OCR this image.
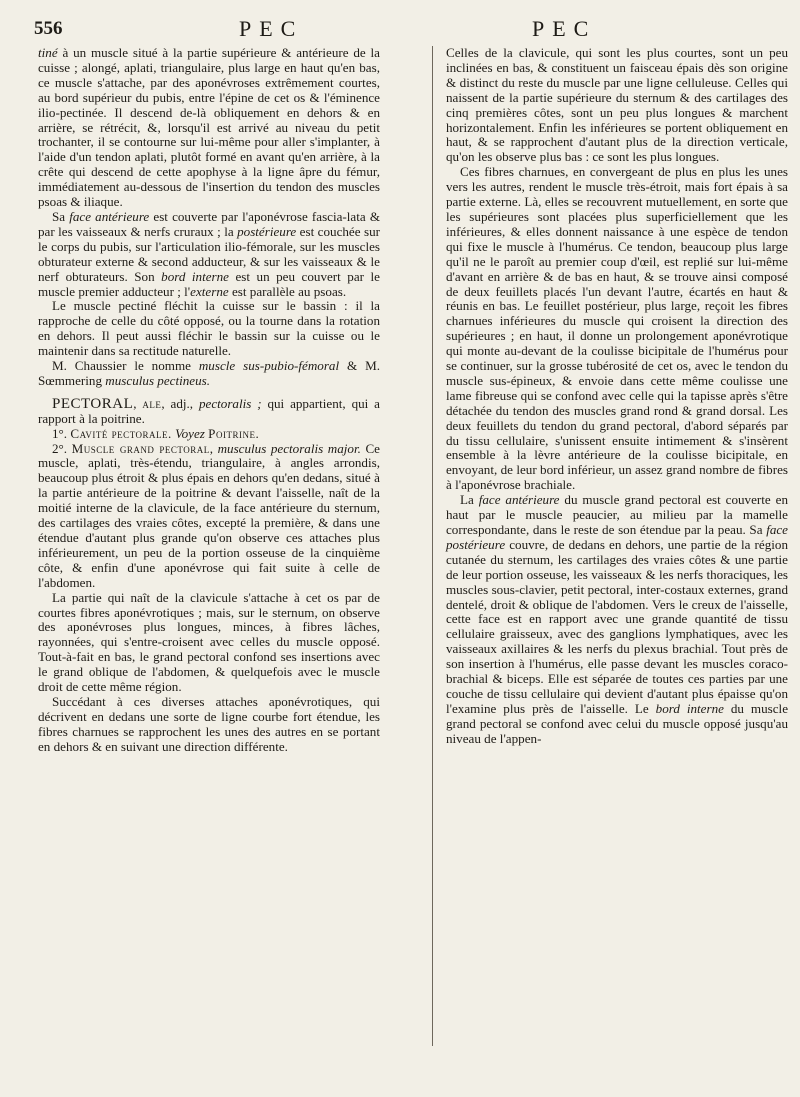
556	PEC	PEC

tiné à un muscle situé à la partie supérieure & antérieure de la cuisse ; alongé, aplati, triangulaire, plus large en haut qu'en bas, ce muscle s'attache, par des aponévroses extrêmement courtes, au bord supérieur du pubis, entre l'épine de cet os & l'éminence ilio-pectinée. Il descend de-là obliquement en dehors & en arrière, se rétrécit, &, lorsqu'il est arrivé au niveau du petit trochanter, il se contourne sur lui-même pour aller s'implanter, à l'aide d'un tendon aplati, plutôt formé en avant qu'en arrière, à la crête qui descend de cette apophyse à la ligne âpre du fémur, immédiatement au-dessous de l'insertion du tendon des muscles psoas & iliaque.

Sa face antérieure est couverte par l'aponévrose fascia-lata & par les vaisseaux & nerfs cruraux ; la postérieure est couchée sur le corps du pubis, sur l'articulation ilio-fémorale, sur les muscles obturateur externe & second adducteur, & sur les vaisseaux & le nerf obturateurs. Son bord interne est un peu couvert par le muscle premier adducteur ; l'externe est parallèle au psoas.

Le muscle pectiné fléchit la cuisse sur le bassin : il la rapproche de celle du côté opposé, ou la tourne dans la rotation en dehors. Il peut aussi fléchir le bassin sur la cuisse ou le maintenir dans sa rectitude naturelle.

M. Chaussier le nomme muscle sus-pubio-fémoral & M. Sœmmering musculus pectineus.

PECTORAL, ale, adj., pectoralis ; qui appartient, qui a rapport à la poitrine.

1°. Cavité pectorale. Voyez Poitrine.

2°. Muscle grand pectoral, musculus pectoralis major. Ce muscle, aplati, très-étendu, triangulaire, à angles arrondis, beaucoup plus étroit & plus épais en dehors qu'en dedans, situé à la partie antérieure de la poitrine & devant l'aisselle, naît de la moitié interne de la clavicule, de la face antérieure du sternum, des cartilages des vraies côtes, excepté la première, & dans une étendue d'autant plus grande qu'on observe ces attaches plus inférieurement, un peu de la portion osseuse de la cinquième côte, & enfin d'une aponévrose qui fait suite à celle de l'abdomen.

La partie qui naît de la clavicule s'attache à cet os par de courtes fibres aponévrotiques ; mais, sur le sternum, on observe des aponévroses plus longues, minces, à fibres lâches, rayonnées, qui s'entre-croisent avec celles du muscle opposé. Tout-à-fait en bas, le grand pectoral confond ses insertions avec le grand oblique de l'abdomen, & quelquefois avec le muscle droit de cette même région.

Succédant à ces diverses attaches aponévrotiques, qui décrivent en dedans une sorte de ligne courbe fort étendue, les fibres charnues se rapprochent les unes des autres en se portant en dehors & en suivant une direction différente.

Celles de la clavicule, qui sont les plus courtes, sont un peu inclinées en bas, & constituent un faisceau épais dès son origine & distinct du reste du muscle par une ligne celluleuse. Celles qui naissent de la partie supérieure du sternum & des cartilages des cinq premières côtes, sont un peu plus longues & marchent horizontalement. Enfin les inférieures se portent obliquement en haut, & se rapprochent d'autant plus de la direction verticale, qu'on les observe plus bas : ce sont les plus longues.

Ces fibres charnues, en convergeant de plus en plus les unes vers les autres, rendent le muscle très-étroit, mais fort épais à sa partie externe. Là, elles se recouvrent mutuellement, en sorte que les supérieures sont placées plus superficiellement que les inférieures, & elles donnent naissance à une espèce de tendon qui fixe le muscle à l'humérus. Ce tendon, beaucoup plus large qu'il ne le paroît au premier coup d'œil, est replié sur lui-même d'avant en arrière & de bas en haut, & se trouve ainsi composé de deux feuillets placés l'un devant l'autre, écartés en haut & réunis en bas. Le feuillet postérieur, plus large, reçoit les fibres charnues inférieures du muscle qui croisent la direction des supérieures ; en haut, il donne un prolongement aponévrotique qui monte au-devant de la coulisse bicipitale de l'humérus pour se continuer, sur la grosse tubérosité de cet os, avec le tendon du muscle sus-épineux, & envoie dans cette même coulisse une lame fibreuse qui se confond avec celle qui la tapisse après s'être détachée du tendon des muscles grand rond & grand dorsal. Les deux feuillets du tendon du grand pectoral, d'abord séparés par du tissu cellulaire, s'unissent ensuite intimement & s'insèrent ensemble à la lèvre antérieure de la coulisse bicipitale, en envoyant, de leur bord inférieur, un assez grand nombre de fibres à l'aponévrose brachiale.

La face antérieure du muscle grand pectoral est couverte en haut par le muscle peaucier, au milieu par la mamelle correspondante, dans le reste de son étendue par la peau. Sa face postérieure couvre, de dedans en dehors, une partie de la région cutanée du sternum, les cartilages des vraies côtes & une partie de leur portion osseuse, les vaisseaux & les nerfs thoraciques, les muscles sous-clavier, petit pectoral, inter-costaux externes, grand dentelé, droit & oblique de l'abdomen. Vers le creux de l'aisselle, cette face est en rapport avec une grande quantité de tissu cellulaire graisseux, avec des ganglions lymphatiques, avec les vaisseaux axillaires & les nerfs du plexus brachial. Tout près de son insertion à l'humérus, elle passe devant les muscles coraco-brachial & biceps. Elle est séparée de toutes ces parties par une couche de tissu cellulaire qui devient d'autant plus épaisse qu'on l'examine plus près de l'aisselle. Le bord interne du muscle grand pectoral se confond avec celui du muscle opposé jusqu'au niveau de l'appen-
